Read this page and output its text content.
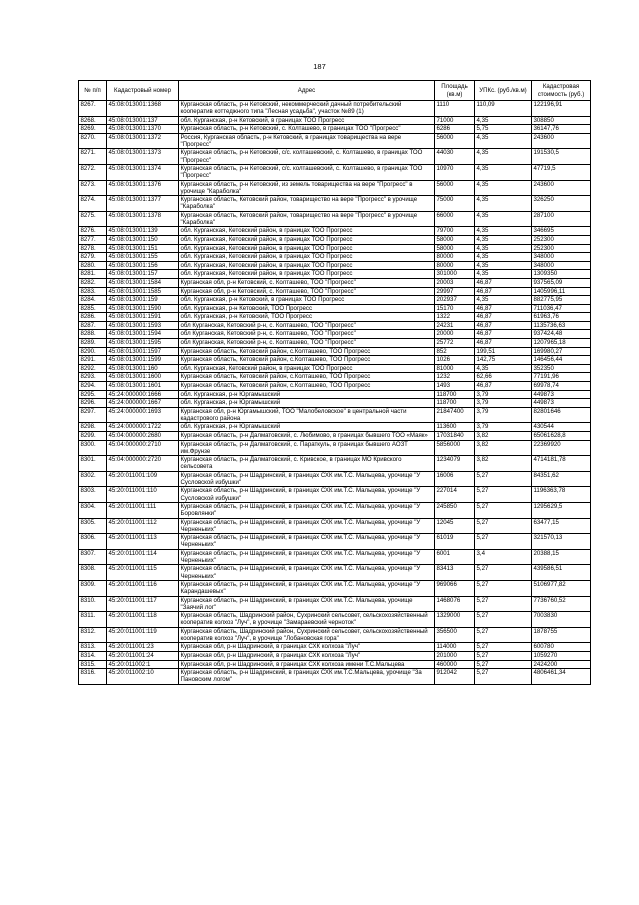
187
№ п/п	Кадастровый номер	Адрес	Площадь (кв.м)	УПКс. (руб./кв.м)	Кадастровая стоимость (руб.)
8267.	45:08:013001:1368	Курганская область, р-н Кетовский, некоммерческий дачный потребительский кооператив коттеджного типа "Лесная усадьба", участок №89 (1)	1110	110,09	122196,91
8268.	45:08:013001:137	обл. Курганская, р-н Кетовский, в границах ТОО Прогресс	71000	4,35	308850
8269.	45:08:013001:1370	Курганская область, р-н Кетовский, с. Колташево, в границах ТОО "Прогресс"	6286	5,75	36147,76
8270.	45:08:013001:1372	Россия, Курганская область, р-н Кетовский, в границах товарищества на вере "Прогресс"	56000	4,35	243600
8271.	45:08:013001:1373	Курганская область, р-н Кетовский, с/с. колташевский, с. Колташево, в границах ТОО "Прогресс"	44030	4,35	191530,5
8272.	45:08:013001:1374	Курганская область, р-н Кетовский, с/с. колташевский, с. Колташево, в границах ТОО "Прогресс"	10970	4,35	47719,5
8273.	45:08:013001:1376	Курганская область, р-н Кетовский, из земель товарищества на вере "Прогресс" в урочище "Караболка"	56000	4,35	243600
8274.	45:08:013001:1377	Курганская область, Кетовский район, товарищество на вере "Прогресс" в урочище "Караболка"	75000	4,35	326250
8275.	45:08:013001:1378	Курганская область, Кетовский район, товарищество на вере "Прогресс" в урочище "Караболка"	66000	4,35	287100
8276.	45:08:013001:139	обл. Курганская, Кетовский район, в границах ТОО Прогресс	79700	4,35	346695
8277.	45:08:013001:150	обл. Курганская, Кетовский район, в границах ТОО Прогресс	58000	4,35	252300
8278.	45:08:013001:151	обл. Курганская, Кетовский район, в границах ТОО Прогресс	58000	4,35	252300
8279.	45:08:013001:155	обл. Курганская, Кетовский район, в границах ТОО Прогресс	80000	4,35	348000
8280.	45:08:013001:156	обл. Курганская, Кетовский район, в границах ТОО Прогресс	80000	4,35	348000
8281.	45:08:013001:157	обл. Курганская, Кетовский район, в границах ТОО Прогресс	301000	4,35	1309350
8282.	45:08:013001:1584	Курганская обл, р-н Кетовский, с. Колташево, ТОО "Прогресс"	20003	46,87	937565,09
8283.	45:08:013001:1585	Курганская обл, р-н Кетовский, с. Колташево, ТОО "Прогресс"	29997	46,87	1405996,11
8284.	45:08:013001:159	обл. Курганская, р-н Кетовский, в границах ТОО Прогресс	202937	4,35	882775,95
8285.	45:08:013001:1590	обл. Курганская, р-н Кетовский, ТОО Прогресс	15170	46,87	711036,47
8286.	45:08:013001:1591	обл. Курганская, р-н Кетовский, ТОО Прогресс	1322	46,87	61963,76
8287.	45:08:013001:1593	обл Курганская, Кетовский р-н, с. Колташево, ТОО "Прогресс"	24231	46,87	1135736,63
8288.	45:08:013001:1594	обл Курганская, Кетовский р-н, с. Колташево, ТОО "Прогресс"	20000	46,87	937424,48
8289.	45:08:013001:1595	обл Курганская, Кетовский р-н, с. Колташево, ТОО "Прогресс"	25772	46,87	1207965,18
8290.	45:08:013001:1597	Курганская область, Кетовский район, с.Колташево, ТОО Прогресс	852	199,51	169980,27
8291.	45:08:013001:1599	Курганская область, Кетовский район, с.Колташево, ТОО Прогресс	1026	142,75	146456,44
8292.	45:08:013001:160	обл. Курганская, Кетовский район, в границах ТОО Прогресс	81000	4,35	352350
8293.	45:08:013001:1600	Курганская область, Кетовский район, с.Колташево, ТОО Прогресс	1232	62,66	77191,96
8294.	45:08:013001:1601	Курганская область, Кетовский район, с.Колташево, ТОО Прогресс	1493	46,87	69978,74
8295.	45:24:000000:1666	обл. Курганская, р-н Юргамышский	118700	3,79	449873
8296.	45:24:000000:1667	обл. Курганская, р-н Юргамышский	118700	3,79	449873
8297.	45:24:000000:1693	Курганская обл, р-н Юргамышский, ТОО "Малобеловское" в центральной части кадастрового района	21847400	3,79	82801646
8298.	45:24:000000:1722	обл. Курганская, р-н Юргамышский	113600	3,79	430544
8299.	45:04:000000:2680	Курганская область, р-н Далматовский, с. Любимово, в границах бывшего ТОО «Маяк»	17031840	3,82	65061628,8
8300.	45:04:000000:2710	Курганская область, р-н Далматовский, с. Параткуль, в границах бывшего АОЗТ им.Фрунзе	5856000	3,82	22369920
8301.	45:04:000000:2720	Курганская область, р-н Далматовский, с. Кривское, в границах МО Кривского сельсовета	1234079	3,82	4714181,78
8302.	45:20:011001:109	Курганская область, р-н Шадринский, в границах СХК им.Т.С. Мальцева, урочище "У Сусловской избушки"	16006	5,27	84351,62
8303.	45:20:011001:110	Курганская область, р-н Шадринский, в границах СХК им.Т.С. Мальцева, урочище "У Сусловской избушки"	227014	5,27	1196363,78
8304.	45:20:011001:111	Курганская область, р-н Шадринский, в границах СХК им.Т.С. Мальцева, урочище "У Боровлянки"	245850	5,27	1295629,5
8305.	45:20:011001:112	Курганская область, р-н Шадринский, в границах СХК им.Т.С. Мальцева, урочище "У Черненьких"	12045	5,27	63477,15
8306.	45:20:011001:113	Курганская область, р-н Шадринский, в границах СХК им.Т.С. Мальцева, урочище "У Черненьких"	61019	5,27	321570,13
8307.	45:20:011001:114	Курганская область, р-н Шадринский, в границах СХК им.Т.С. Мальцева, урочище "У Черненьких"	6001	3,4	20388,15
8308.	45:20:011001:115	Курганская область, р-н Шадринский, в границах СХК им.Т.С. Мальцева, урочище "У Черненьких"	83413	5,27	439586,51
8309.	45:20:011001:116	Курганская область, р-н Шадринский, в границах СХК им.Т.С. Мальцева, урочище "У Карандашевых"	969066	5,27	5106977,82
8310.	45:20:011001:117	Курганская область, р-н Шадринский, в границах СХК им.Т.С. Мальцева, урочище "Заячий лог"	1468076	5,27	7736760,52
8311.	45:20:011001:118	Курганская область, Шадринский район, Сухринский сельсовет, сельскохозяйственный кооператив колхоз "Луч", в урочище "Замараевский черноток"	1329000	5,27	7003830
8312.	45:20:011001:119	Курганская область, Шадринский район, Сухринский сельсовет, сельскохозяйственный кооператив колхоз "Луч", в урочище "Лобановская гора"	356500	5,27	1878755
8313.	45:20:011001:23	Курганская обл, р-н Шадринский, в границах СХК колхоза "Луч"	114000	5,27	600780
8314.	45:20:011001:24	Курганская обл, р-н Шадринский, в границах СХК колхоза "Луч"	201000	5,27	1059270
8315.	45:20:011002:1	Курганская обл, р-н Шадринский, в границах СХК колхоза имени Т.С.Мальцева	460000	5,27	2424200
8316.	45:20:011002:10	Курганская область, р-н Шадринский, в границах СХК им.Т.С.Мальцева, урочище "За Пановским логом"	912042	5,27	4806461,34
